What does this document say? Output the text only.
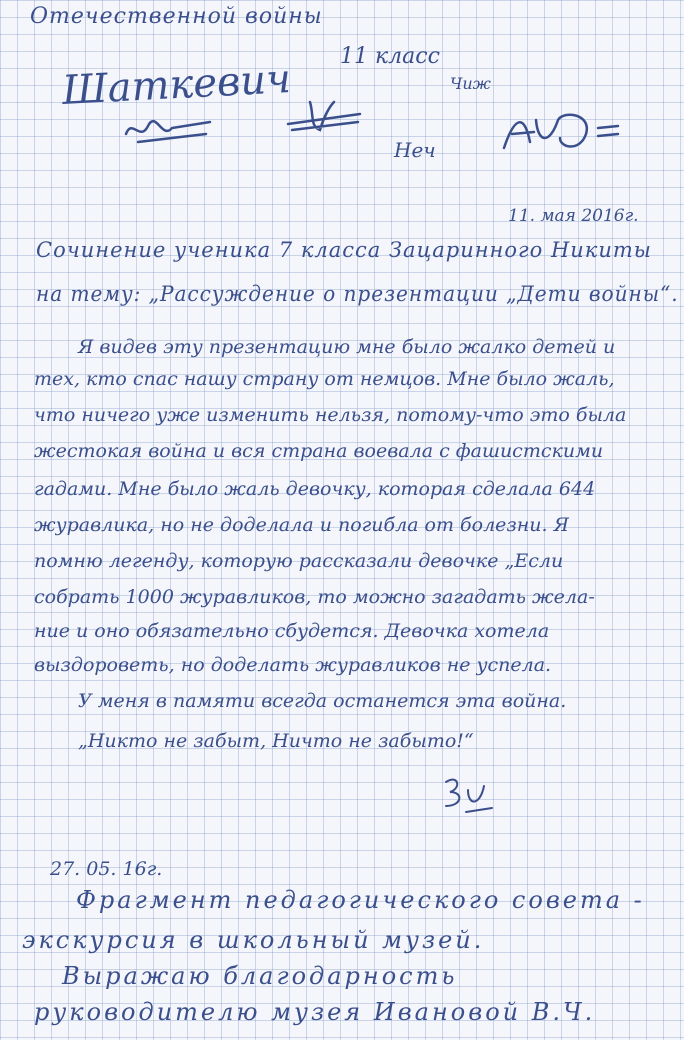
Отечественной войны
11 класс
Чиж
Неч
Шаткевич
11. мая 2016г.
Сочинение ученика 7 класса Зацаринного Никиты
на тему: „Рассуждение о презентации „Дети войны“.
Я видев эту презентацию мне было жалко детей и
тех, кто спас нашу страну от немцов. Мне было жаль,
что ничего уже изменить нельзя, потому-что это была
жестокая война и вся страна воевала с фашистскими
гадами. Мне было жаль девочку, которая сделала 644
журавлика, но не доделала и погибла от болезни. Я
помню легенду, которую рассказали девочке „Если
собрать 1000 журавликов, то можно загадать жела-
ние и оно обязательно сбудется. Девочка хотела
выздороветь, но доделать журавликов не успела.
У меня в памяти всегда останется эта война.
„Никто не забыт, Ничто не забыто!“
27. 05. 16г.
Фрагмент педагогического совета -
экскурсия в школьный музей.
Выражаю благодарность
руководителю музея Ивановой В.Ч.
